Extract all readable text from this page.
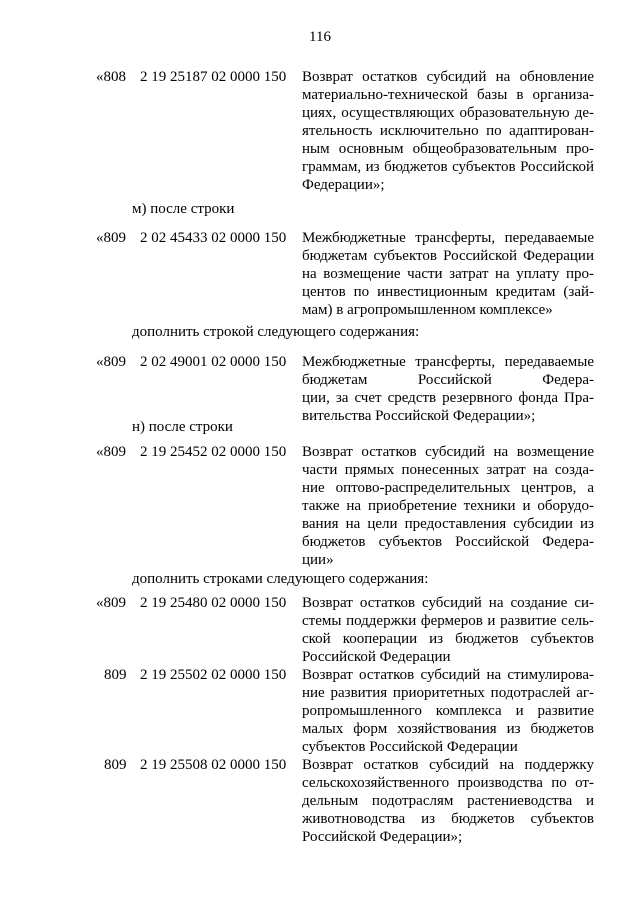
116
«808 2 19 25187 02 0000 150 Возврат остатков субсидий на обновление
материально-технической базы в организа-
циях, осуществляющих образовательную де-
ятельность исключительно по адаптирован-
ным основным общеобразовательным про-
граммам, из бюджетов субъектов Российской
Федерации»;
м) после строки
«809 2 02 45433 02 0000 150 Межбюджетные трансферты, передаваемые
бюджетам субъектов Российской Федерации
на возмещение части затрат на уплату про-
центов по инвестиционным кредитам (зай-
мам) в агропромышленном комплексе»
дополнить строкой следующего содержания:
«809 2 02 49001 02 0000 150 Межбюджетные трансферты, передаваемые
бюджетам Российской Федера-
ции, за счет средств резервного фонда Пра-
вительства Российской Федерации»;
н) после строки
«809 2 19 25452 02 0000 150 Возврат остатков субсидий на возмещение
части прямых понесенных затрат на созда-
ние оптово-распределительных центров, а
также на приобретение техники и оборудо-
вания на цели предоставления субсидии из
бюджетов субъектов Российской Федера-
ции»
дополнить строками следующего содержания:
«809 2 19 25480 02 0000 150 Возврат остатков субсидий на создание си-
стемы поддержки фермеров и развитие сель-
ской кооперации из бюджетов субъектов
Российской Федерации
809 2 19 25502 02 0000 150 Возврат остатков субсидий на стимулирова-
ние развития приоритетных подотраслей аг-
ропромышленного комплекса и развитие
малых форм хозяйствования из бюджетов
субъектов Российской Федерации
809 2 19 25508 02 0000 150 Возврат остатков субсидий на поддержку
сельскохозяйственного производства по от-
дельным подотраслям растениеводства и
животноводства из бюджетов субъектов
Российской Федерации»;
